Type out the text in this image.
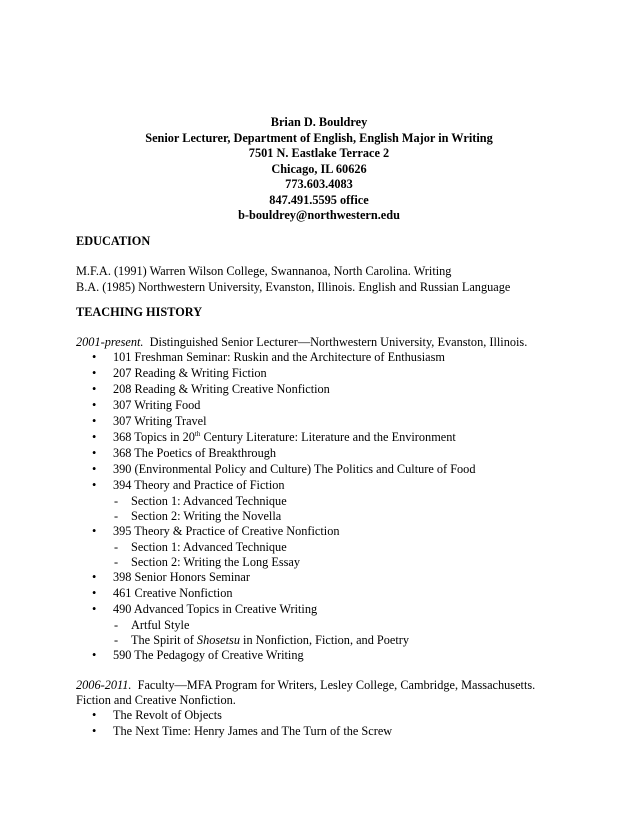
Brian D. Bouldrey
Senior Lecturer, Department of English, English Major in Writing
7501 N. Eastlake Terrace 2
Chicago, IL 60626
773.603.4083
847.491.5595 office
b-bouldrey@northwestern.edu
EDUCATION
M.F.A. (1991) Warren Wilson College, Swannanoa, North Carolina. Writing
B.A. (1985) Northwestern University, Evanston, Illinois. English and Russian Language
TEACHING HISTORY
2001-present. Distinguished Senior Lecturer—Northwestern University, Evanston, Illinois.
• 101 Freshman Seminar: Ruskin and the Architecture of Enthusiasm
• 207 Reading & Writing Fiction
• 208 Reading & Writing Creative Nonfiction
• 307 Writing Food
• 307 Writing Travel
• 368 Topics in 20th Century Literature: Literature and the Environment
• 368 The Poetics of Breakthrough
• 390 (Environmental Policy and Culture) The Politics and Culture of Food
• 394 Theory and Practice of Fiction
- Section 1: Advanced Technique
- Section 2: Writing the Novella
• 395 Theory & Practice of Creative Nonfiction
- Section 1: Advanced Technique
- Section 2: Writing the Long Essay
• 398 Senior Honors Seminar
• 461 Creative Nonfiction
• 490 Advanced Topics in Creative Writing
- Artful Style
- The Spirit of Shosetsu in Nonfiction, Fiction, and Poetry
• 590 The Pedagogy of Creative Writing
2006-2011. Faculty—MFA Program for Writers, Lesley College, Cambridge, Massachusetts.
Fiction and Creative Nonfiction.
• The Revolt of Objects
• The Next Time: Henry James and The Turn of the Screw
